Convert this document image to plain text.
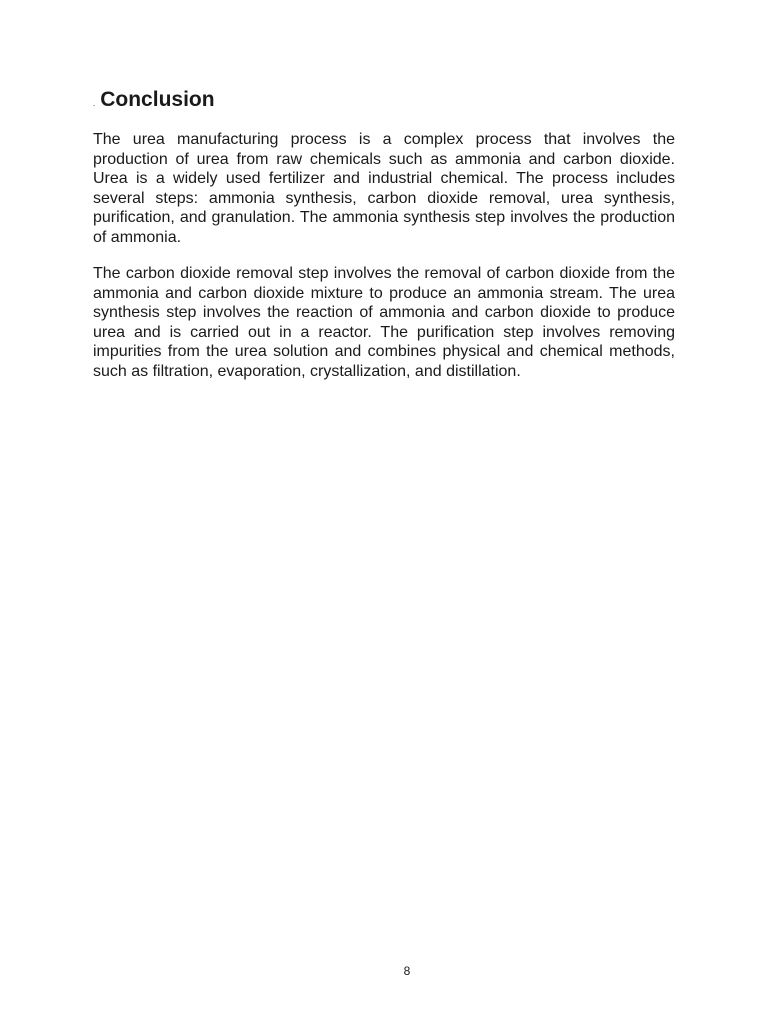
. Conclusion

The urea manufacturing process is a complex process that involves the production of urea from raw chemicals such as ammonia and carbon dioxide. Urea is a widely used fertilizer and industrial chemical. The process includes several steps: ammonia synthesis, carbon dioxide removal, urea synthesis, purification, and granulation. The ammonia synthesis step involves the production of ammonia.

The carbon dioxide removal step involves the removal of carbon dioxide from the ammonia and carbon dioxide mixture to produce an ammonia stream. The urea synthesis step involves the reaction of ammonia and carbon dioxide to produce urea and is carried out in a reactor. The purification step involves removing impurities from the urea solution and combines physical and chemical methods, such as filtration, evaporation, crystallization, and distillation.

8
